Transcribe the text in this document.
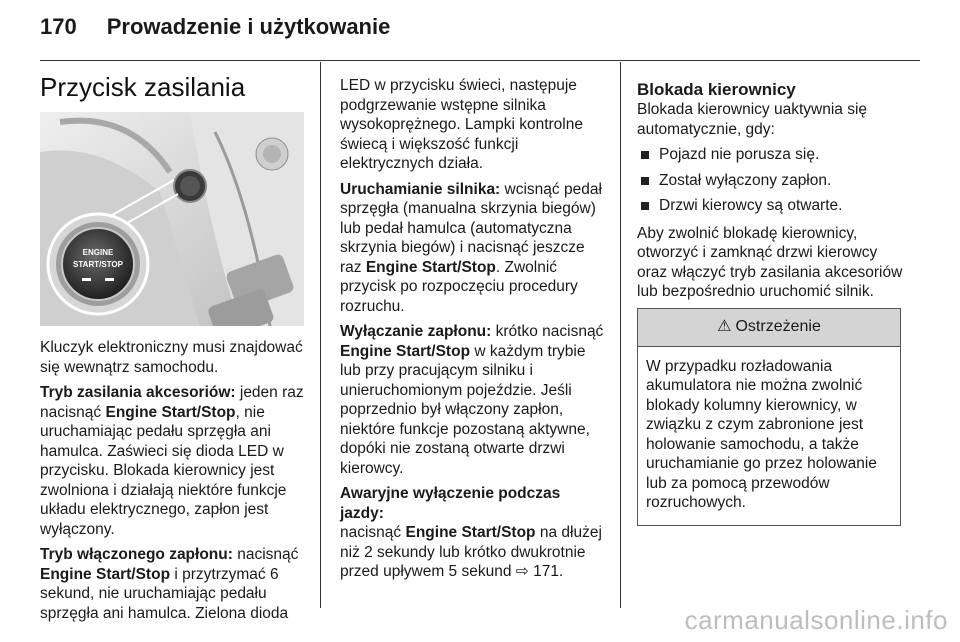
170 Prowadzenie i użytkowanie
Przycisk zasilania
ENGINE
START/STOP

Kluczyk elektroniczny musi znajdować się wewnątrz samochodu.

Tryb zasilania akcesoriów: jeden raz nacisnąć Engine Start/Stop, nie uruchamiając pedału sprzęgła ani hamulca. Zaświeci się dioda LED w przycisku. Blokada kierownicy jest zwolniona i działają niektóre funkcje układu elektrycznego, zapłon jest wyłączony.

Tryb włączonego zapłonu: nacisnąć
Engine Start/Stop i przytrzymać 6 sekund, nie uruchamiając pedału sprzęgła ani hamulca. Zielona dioda

LED w przycisku świeci, następuje podgrzewanie wstępne silnika wysokoprężnego. Lampki kontrolne świecą i większość funkcji elektrycznych działa.

Uruchamianie silnika: wcisnąć pedał sprzęgła (manualna skrzynia biegów) lub pedał hamulca (automatyczna skrzynia biegów) i nacisnąć jeszcze raz Engine Start/Stop. Zwolnić przycisk po rozpoczęciu procedury rozruchu.

Wyłączanie zapłonu: krótko nacisnąć
Engine Start/Stop w każdym trybie lub przy pracującym silniku i unieruchomionym pojeździe. Jeśli poprzednio był włączony zapłon, niektóre funkcje pozostaną aktywne, dopóki nie zostaną otwarte drzwi kierowcy.

Awaryjne wyłączenie podczas jazdy:
nacisnąć Engine Start/Stop na dłużej niż 2 sekundy lub krótko dwukrotnie przed upływem 5 sekund ⇨ 171.

Blokada kierownicy

Blokada kierownicy uaktywnia się automatycznie, gdy:

Pojazd nie porusza się.
Został wyłączony zapłon.
Drzwi kierowcy są otwarte.

Aby zwolnić blokadę kierownicy, otworzyć i zamknąć drzwi kierowcy oraz włączyć tryb zasilania akcesoriów lub bezpośrednio uruchomić silnik.

⚠ Ostrzeżenie
W przypadku rozładowania akumulatora nie można zwolnić blokady kolumny kierownicy, w związku z czym zabronione jest holowanie samochodu, a także uruchamianie go przez holowanie lub za pomocą przewodów rozruchowych.
carmanualsonline.info
